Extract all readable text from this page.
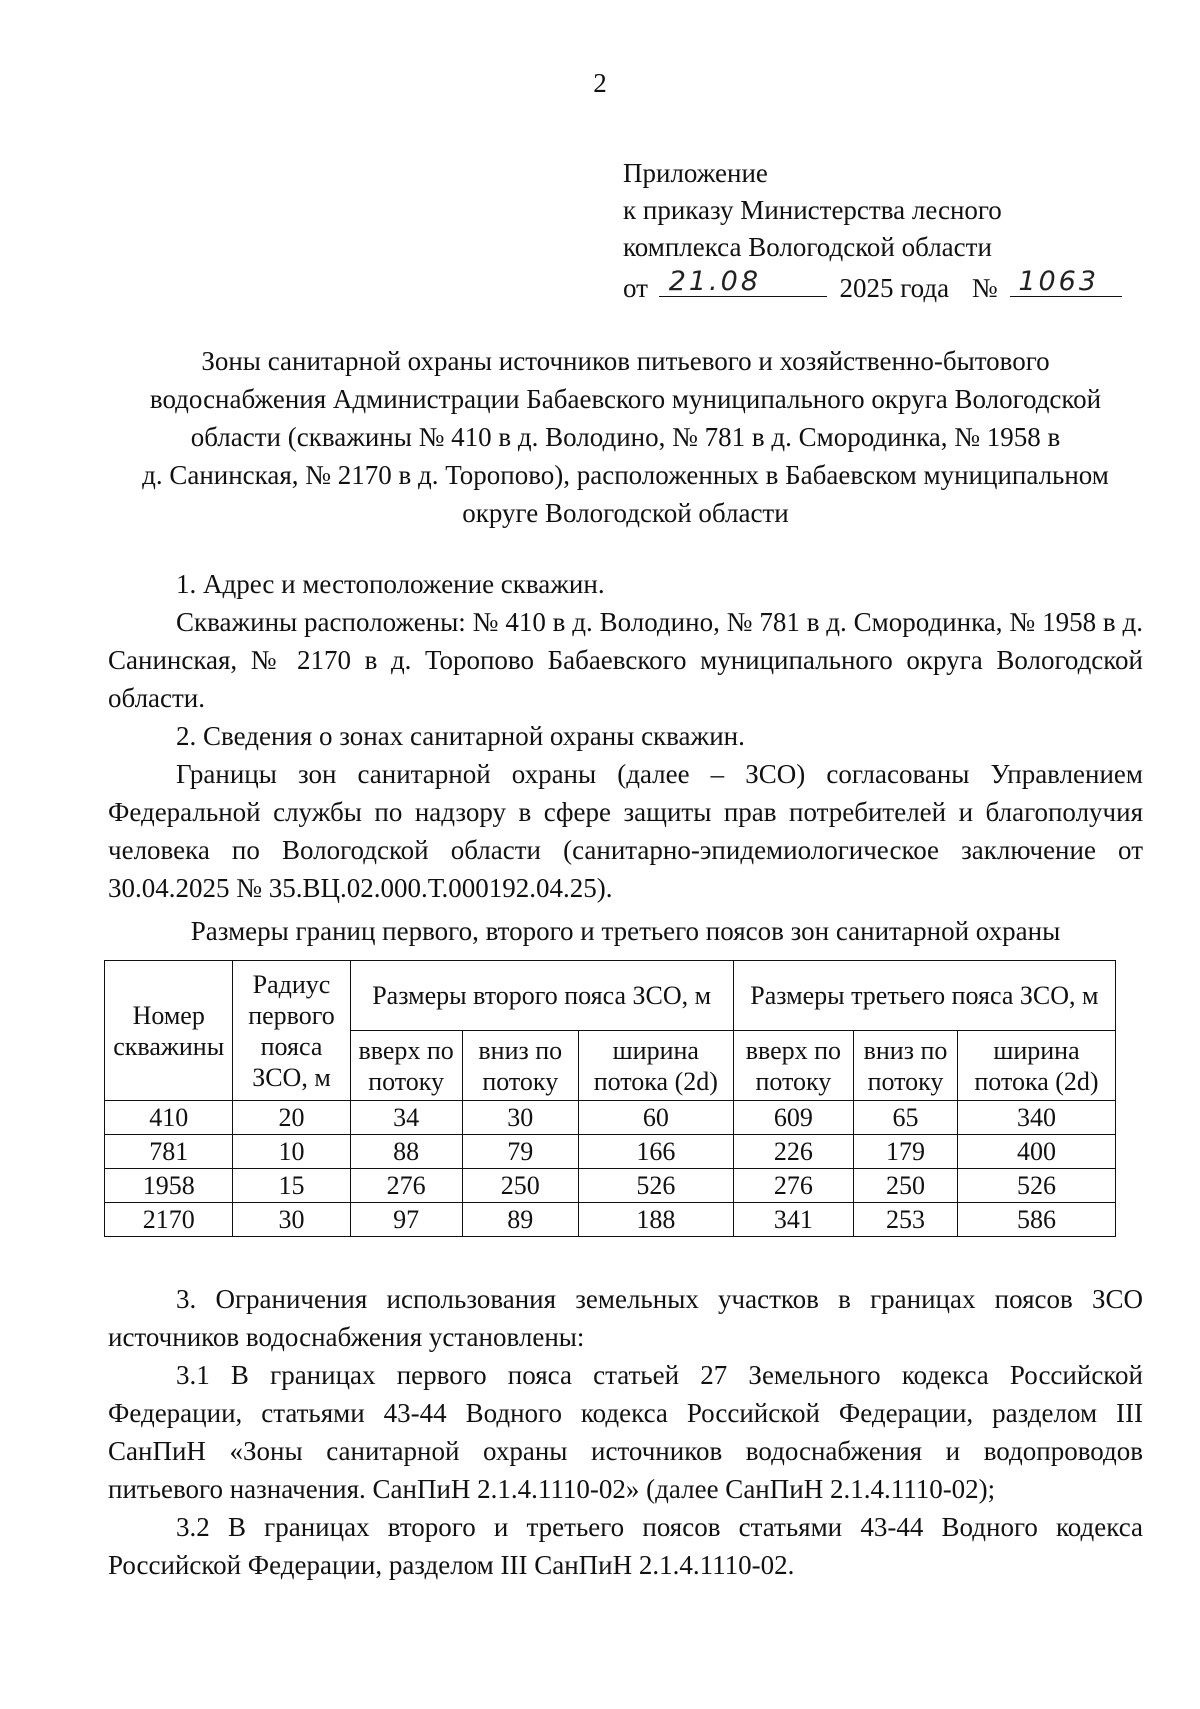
2
Приложение
к приказу Министерства лесного
комплекса Вологодской области
от 21.08	2025 года № 1063
Зоны санитарной охраны источников питьевого и хозяйственно-бытового
водоснабжения Администрации Бабаевского муниципального округа Вологодской
области (скважины № 410 в д. Володино, № 781 в д. Смородинка, № 1958 в
д. Санинская, № 2170 в д. Торопово), расположенных в Бабаевском муниципальном
округе Вологодской области
1. Адрес и местоположение скважин.
Скважины расположены: № 410 в д. Володино, № 781 в д. Смородинка, № 1958 в д. Санинская, № 2170 в д. Торопово Бабаевского муниципального округа Вологодской области.
2. Сведения о зонах санитарной охраны скважин.
Границы зон санитарной охраны (далее – ЗСО) согласованы Управлением Федеральной службы по надзору в сфере защиты прав потребителей и благополучия человека по Вологодской области (санитарно-эпидемиологическое заключение от 30.04.2025 № 35.ВЦ.02.000.Т.000192.04.25).
Размеры границ первого, второго и третьего поясов зон санитарной охраны
Номер скважины	Радиус первого пояса ЗСО, м	Размеры второго пояса ЗСО, м			Размеры третьего пояса ЗСО, м		
		вверх по потоку	вниз по потоку	ширина потока (2d)	вверх по потоку	вниз по потоку	ширина потока (2d)
410	20	34	30	60	609	65	340
781	10	88	79	166	226	179	400
1958	15	276	250	526	276	250	526
2170	30	97	89	188	341	253	586
3. Ограничения использования земельных участков в границах поясов ЗСО источников водоснабжения установлены:
3.1 В границах первого пояса статьей 27 Земельного кодекса Российской Федерации, статьями 43-44 Водного кодекса Российской Федерации, разделом III СанПиН «Зоны санитарной охраны источников водоснабжения и водопроводов питьевого назначения. СанПиН 2.1.4.1110-02» (далее СанПиН 2.1.4.1110-02);
3.2 В границах второго и третьего поясов статьями 43-44 Водного кодекса Российской Федерации, разделом III СанПиН 2.1.4.1110-02.
